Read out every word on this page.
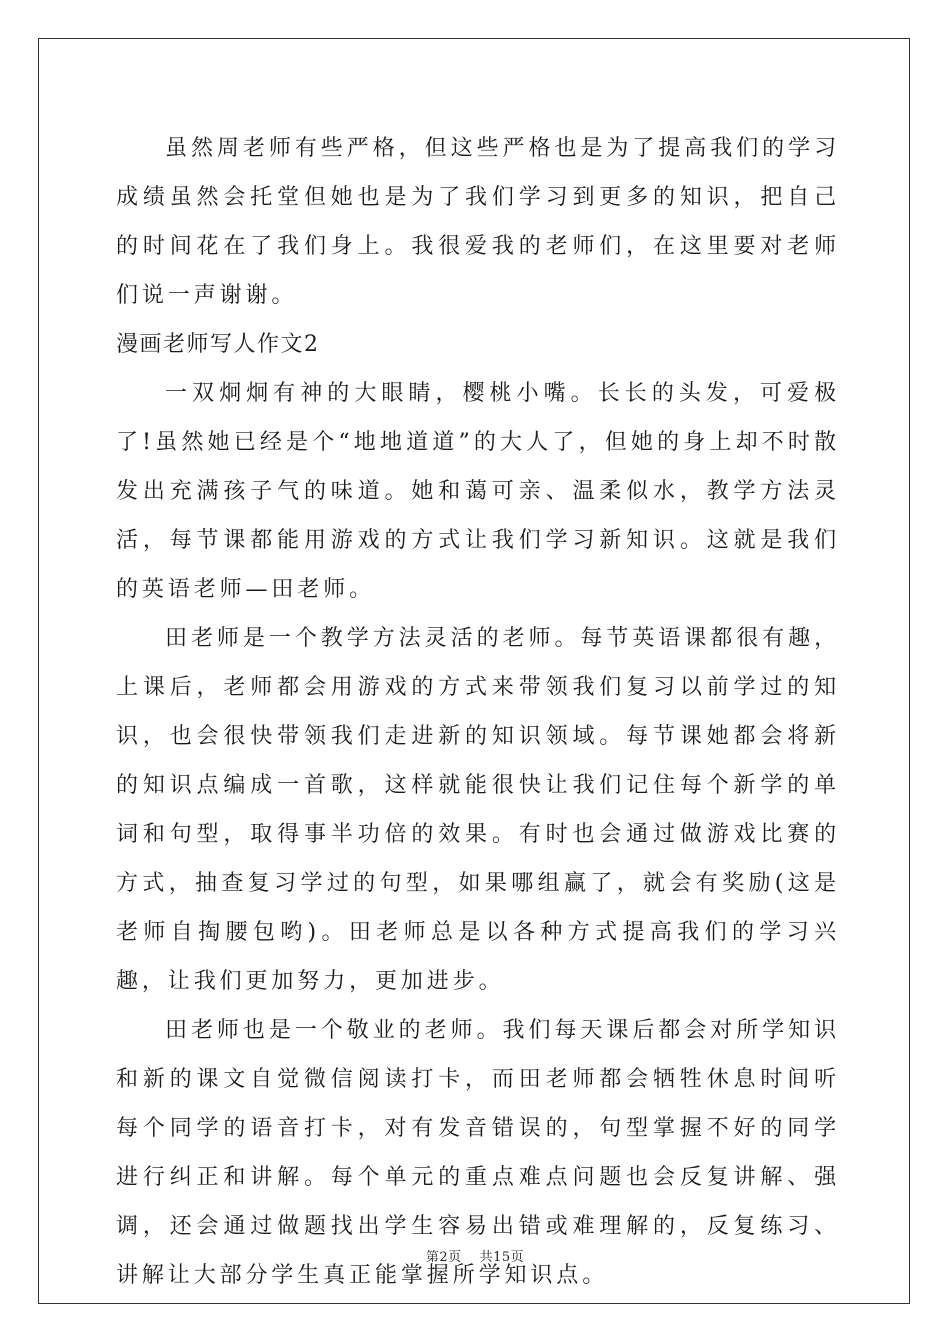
虽然周老师有些严格，但这些严格也是为了提高我们的学习成绩虽然会托堂但她也是为了我们学习到更多的知识，把自己的时间花在了我们身上。我很爱我的老师们，在这里要对老师们说一声谢谢。

漫画老师写人作文2

一双炯炯有神的大眼睛，樱桃小嘴。长长的头发，可爱极了!虽然她已经是个“地地道道”的大人了，但她的身上却不时散发出充满孩子气的味道。她和蔼可亲、温柔似水，教学方法灵活，每节课都能用游戏的方式让我们学习新知识。这就是我们的英语老师—田老师。

田老师是一个教学方法灵活的老师。每节英语课都很有趣，上课后，老师都会用游戏的方式来带领我们复习以前学过的知识，也会很快带领我们走进新的知识领域。每节课她都会将新的知识点编成一首歌，这样就能很快让我们记住每个新学的单词和句型，取得事半功倍的效果。有时也会通过做游戏比赛的方式，抽查复习学过的句型，如果哪组赢了，就会有奖励(这是老师自掏腰包哟)。田老师总是以各种方式提高我们的学习兴趣，让我们更加努力，更加进步。

田老师也是一个敬业的老师。我们每天课后都会对所学知识和新的课文自觉微信阅读打卡，而田老师都会牺牲休息时间听每个同学的语音打卡，对有发音错误的，句型掌握不好的同学进行纠正和讲解。每个单元的重点难点问题也会反复讲解、强调，还会通过做题找出学生容易出错或难理解的，反复练习、讲解让大部分学生真正能掌握所学知识点。

第2页 共15页
